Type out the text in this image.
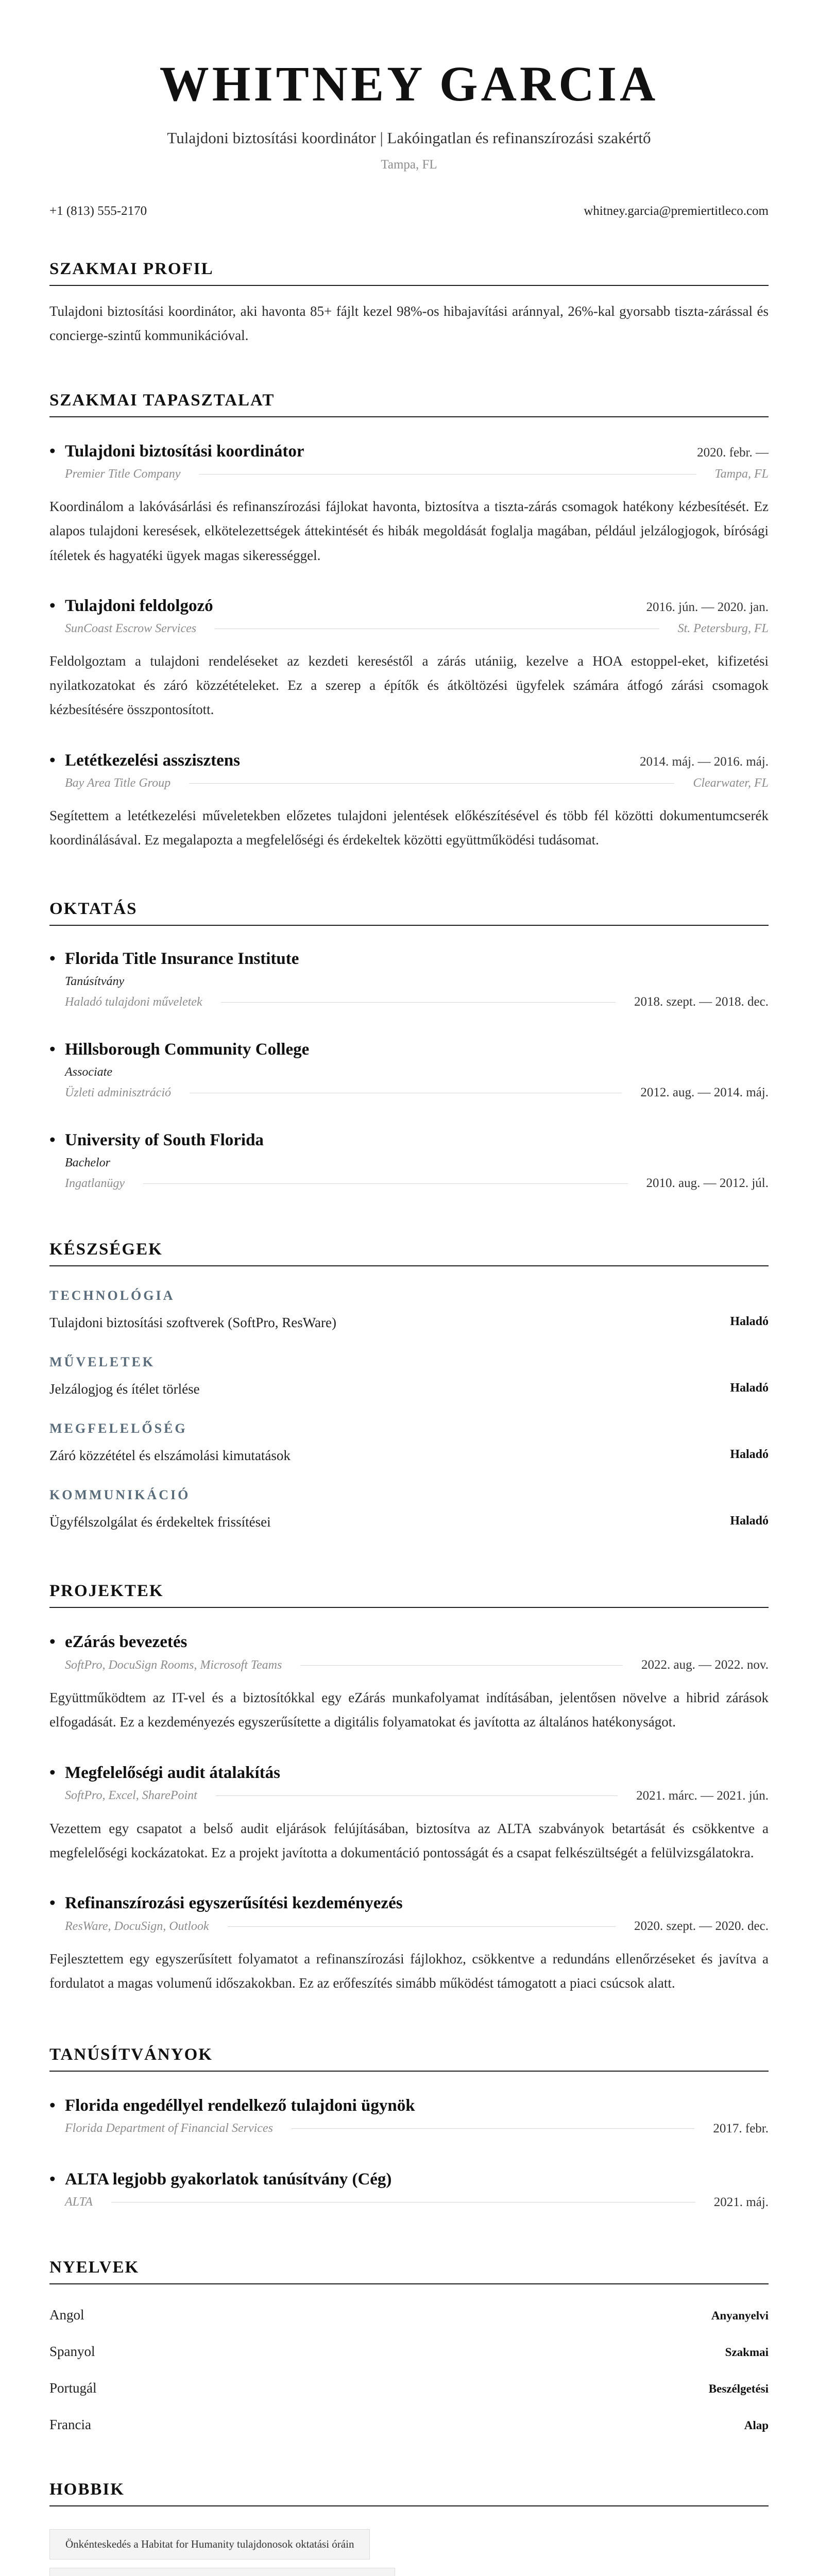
WHITNEY GARCIA
Tulajdoni biztosítási koordinátor | Lakóingatlan és refinanszírozási szakértő
Tampa, FL
+1 (813) 555-2170	whitney.garcia@premiertitleco.com
SZAKMAI PROFIL
Tulajdoni biztosítási koordinátor, aki havonta 85+ fájlt kezel 98%-os hibajavítási aránnyal, 26%-kal gyorsabb tiszta-zárással és concierge-szintű kommunikációval.
SZAKMAI TAPASZTALAT
• Tulajdoni biztosítási koordinátor	2020. febr. —
Premier Title Company	Tampa, FL
Koordinálom a lakóvásárlási és refinanszírozási fájlokat havonta, biztosítva a tiszta-zárás csomagok hatékony kézbesítését. Ez alapos tulajdoni keresések, elkötelezettségek áttekintését és hibák megoldását foglalja magában, például jelzálogjogok, bírósági ítéletek és hagyatéki ügyek magas sikerességgel.
• Tulajdoni feldolgozó	2016. jún. — 2020. jan.
SunCoast Escrow Services	St. Petersburg, FL
Feldolgoztam a tulajdoni rendeléseket az kezdeti kereséstől a zárás utániig, kezelve a HOA estoppel-eket, kifizetési nyilatkozatokat és záró közzétételeket. Ez a szerep a építők és átköltözési ügyfelek számára átfogó zárási csomagok kézbesítésére összpontosított.
• Letétkezelési asszisztens	2014. máj. — 2016. máj.
Bay Area Title Group	Clearwater, FL
Segítettem a letétkezelési műveletekben előzetes tulajdoni jelentések előkészítésével és több fél közötti dokumentumcserék koordinálásával. Ez megalapozta a megfelelőségi és érdekeltek közötti együttműködési tudásomat.
OKTATÁS
• Florida Title Insurance Institute
Tanúsítvány
Haladó tulajdoni műveletek	2018. szept. — 2018. dec.
• Hillsborough Community College
Associate
Üzleti adminisztráció	2012. aug. — 2014. máj.
• University of South Florida
Bachelor
Ingatlanügy	2010. aug. — 2012. júl.
KÉSZSÉGEK
TECHNOLÓGIA
Tulajdoni biztosítási szoftverek (SoftPro, ResWare)	Haladó
MŰVELETEK
Jelzálogjog és ítélet törlése	Haladó
MEGFELELŐSÉG
Záró közzététel és elszámolási kimutatások	Haladó
KOMMUNIKÁCIÓ
Ügyfélszolgálat és érdekeltek frissítései	Haladó
PROJEKTEK
• eZárás bevezetés
SoftPro, DocuSign Rooms, Microsoft Teams	2022. aug. — 2022. nov.
Együttműködtem az IT-vel és a biztosítókkal egy eZárás munkafolyamat indításában, jelentősen növelve a hibrid zárások elfogadását. Ez a kezdeményezés egyszerűsítette a digitális folyamatokat és javította az általános hatékonyságot.
• Megfelelőségi audit átalakítás
SoftPro, Excel, SharePoint	2021. márc. — 2021. jún.
Vezettem egy csapatot a belső audit eljárások felújításában, biztosítva az ALTA szabványok betartását és csökkentve a megfelelőségi kockázatokat. Ez a projekt javította a dokumentáció pontosságát és a csapat felkészültségét a felülvizsgálatokra.
• Refinanszírozási egyszerűsítési kezdeményezés
ResWare, DocuSign, Outlook	2020. szept. — 2020. dec.
Fejlesztettem egy egyszerűsített folyamatot a refinanszírozási fájlokhoz, csökkentve a redundáns ellenőrzéseket és javítva a fordulatot a magas volumenű időszakokban. Ez az erőfeszítés simább működést támogatott a piaci csúcsok alatt.
TANÚSÍTVÁNYOK
• Florida engedéllyel rendelkező tulajdoni ügynök
Florida Department of Financial Services	2017. febr.
• ALTA legjobb gyakorlatok tanúsítvány (Cég)
ALTA	2021. máj.
NYELVEK
Angol	Anyanyelvi
Spanyol	Szakmai
Portugál	Beszélgetési
Francia	Alap
HOBBIK
Önkénteskedés a Habitat for Humanity tulajdonosok oktatási óráin
